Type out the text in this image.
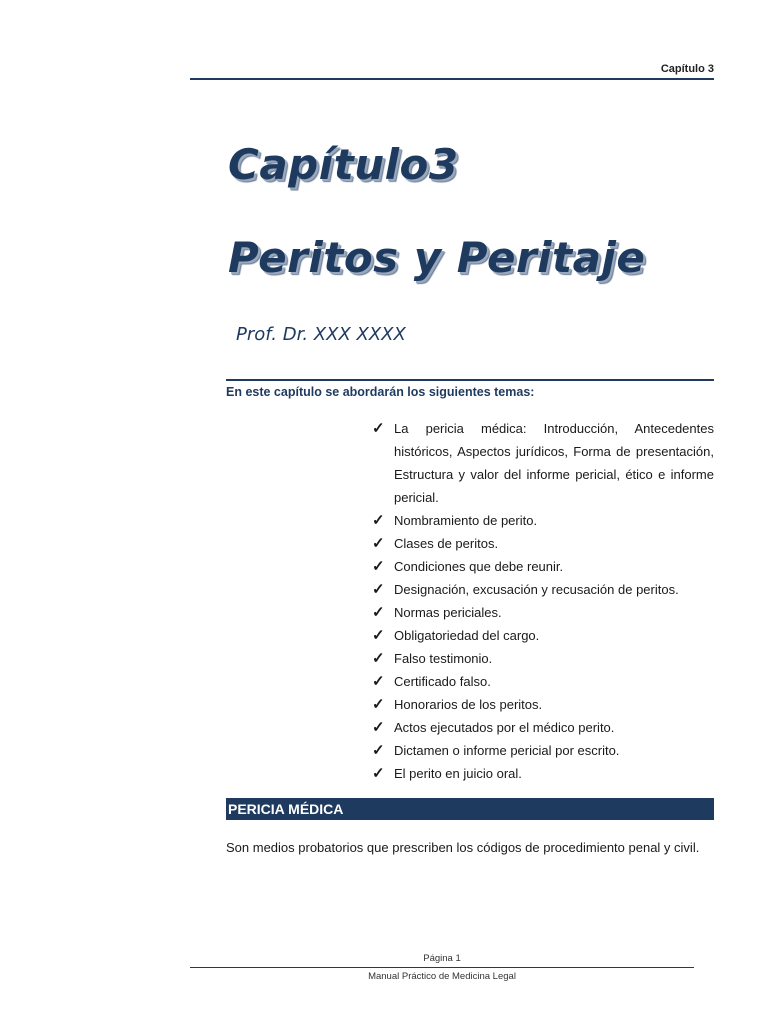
Capítulo 3
Capítulo3
Peritos y Peritaje
Prof. Dr. XXX XXXX
En este capítulo se abordarán los siguientes temas:
✓ La pericia médica: Introducción, Antecedentes históricos, Aspectos jurídicos, Forma de presentación, Estructura y valor del informe pericial, ético e informe pericial.
✓ Nombramiento de perito.
✓ Clases de peritos.
✓ Condiciones que debe reunir.
✓ Designación, excusación y recusación de peritos.
✓ Normas periciales.
✓ Obligatoriedad del cargo.
✓ Falso testimonio.
✓ Certificado falso.
✓ Honorarios de los peritos.
✓ Actos ejecutados por el médico perito.
✓ Dictamen o informe pericial por escrito.
✓ El perito en juicio oral.
PERICIA MÉDICA
Son medios probatorios que prescriben los códigos de procedimiento penal y civil.
Página 1
Manual Práctico de Medicina Legal
